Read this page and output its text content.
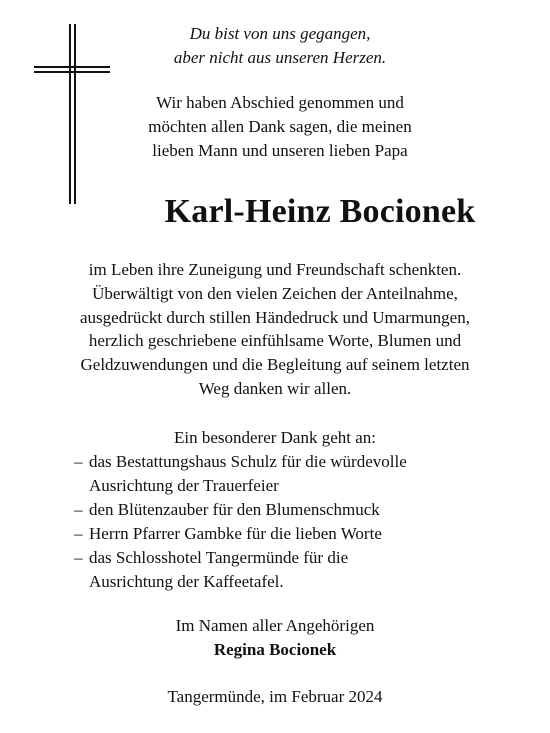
Du bist von uns gegangen,
aber nicht aus unseren Herzen.
Wir haben Abschied genommen und
möchten allen Dank sagen, die meinen
lieben Mann und unseren lieben Papa
Karl-Heinz Bocionek
im Leben ihre Zuneigung und Freundschaft schenkten.
Überwältigt von den vielen Zeichen der Anteilnahme,
ausgedrückt durch stillen Händedruck und Umarmungen,
herzlich geschriebene einfühlsame Worte, Blumen und
Geldzuwendungen und die Begleitung auf seinem letzten
Weg danken wir allen.
Ein besonderer Dank geht an:
– das Bestattungshaus Schulz für die würdevolle
Ausrichtung der Trauerfeier
– den Blütenzauber für den Blumenschmuck
– Herrn Pfarrer Gambke für die lieben Worte
– das Schlosshotel Tangermünde für die
Ausrichtung der Kaffeetafel.
Im Namen aller Angehörigen
Regina Bocionek
Tangermünde, im Februar 2024
